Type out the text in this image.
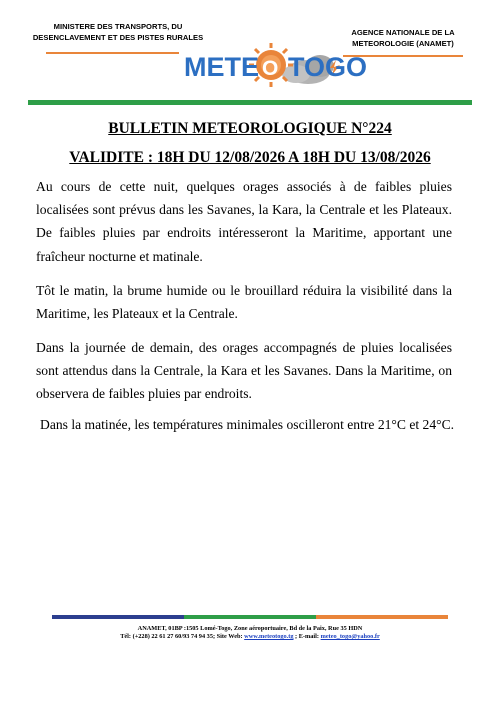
MINISTERE DES TRANSPORTS, DU
DESENCLAVEMENT ET DES PISTES RURALES
AGENCE NATIONALE DE LA
METEOROLOGIE (ANAMET)
METE O TOGO
BULLETIN METEOROLOGIQUE N°224
VALIDITE : 18H DU 12/08/2026 A 18H DU 13/08/2026
Au cours de cette nuit, quelques orages associés à de faibles pluies localisées sont prévus dans les Savanes, la Kara, la Centrale et les Plateaux. De faibles pluies par endroits intéresseront la Maritime, apportant une fraîcheur nocturne et matinale.
Tôt le matin, la brume humide ou le brouillard réduira la visibilité dans la Maritime, les Plateaux et la Centrale.
Dans la journée de demain, des orages accompagnés de pluies localisées sont attendus dans la Centrale, la Kara et les Savanes. Dans la Maritime, on observera de faibles pluies par endroits.
Dans la matinée, les températures minimales oscilleront entre 21°C et 24°C.
ANAMET, 01BP :1505 Lomé-Togo, Zone aéroportuaire, Bd de la Paix, Rue 35 HDN
Tél: (+228) 22 61 27 60/93 74 94 35; Site Web: www.meteotogo.tg ; E-mail: meteo_togo@yahoo.fr
